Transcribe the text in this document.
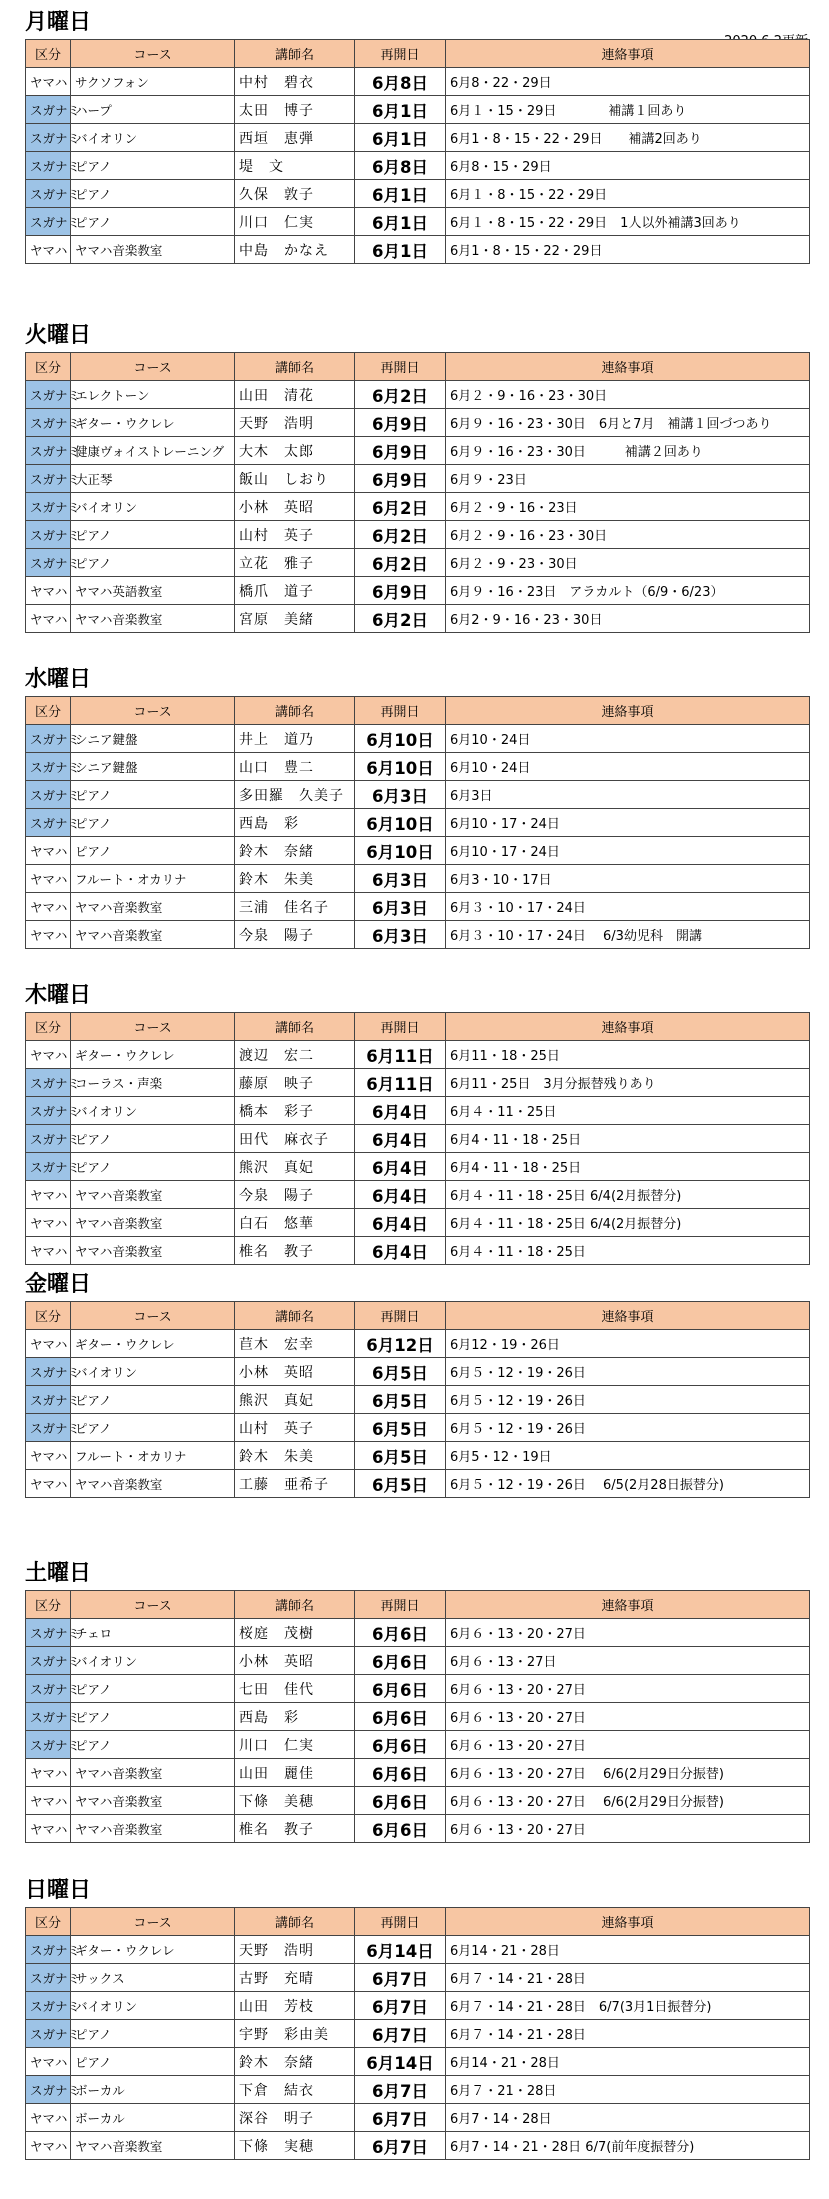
月曜日
区分	コース	講師名	再開日	連絡事項
ヤマハ	サクソフォン	中村　碧衣	6月8日	6月8・22・29日
スガナミ	ハープ	太田　博子	6月1日	6月１・15・29日　　　　補講１回あり
スガナミ	バイオリン	西垣　恵弾	6月1日	6月1・8・15・22・29日　　補講2回あり
スガナミ	ピアノ	堤　文	6月8日	6月8・15・29日
スガナミ	ピアノ	久保　敦子	6月1日	6月１・8・15・22・29日
スガナミ	ピアノ	川口　仁実	6月1日	6月１・8・15・22・29日　1人以外補講3回あり
ヤマハ	ヤマハ音楽教室	中島　かなえ	6月1日	6月1・8・15・22・29日
火曜日
区分	コース	講師名	再開日	連絡事項
スガナミ	エレクトーン	山田　清花	6月2日	6月２・9・16・23・30日
スガナミ	ギター・ウクレレ	天野　浩明	6月9日	6月９・16・23・30日　6月と7月　補講１回づつあり
スガナミ	健康ヴォイストレーニング	大木　太郎	6月9日	6月９・16・23・30日　　　補講２回あり
スガナミ	大正琴	飯山　しおり	6月9日	6月９・23日
スガナミ	バイオリン	小林　英昭	6月2日	6月２・9・16・23日
スガナミ	ピアノ	山村　英子	6月2日	6月２・9・16・23・30日
スガナミ	ピアノ	立花　雅子	6月2日	6月２・9・23・30日
ヤマハ	ヤマハ英語教室	橋爪　道子	6月9日	6月９・16・23日　アラカルト（6/9・6/23）
ヤマハ	ヤマハ音楽教室	宮原　美緒	6月2日	6月2・9・16・23・30日
水曜日
区分	コース	講師名	再開日	連絡事項
スガナミ	シニア鍵盤	井上　道乃	6月10日	6月10・24日
スガナミ	シニア鍵盤	山口　豊二	6月10日	6月10・24日
スガナミ	ピアノ	多田羅　久美子	6月3日	6月3日
スガナミ	ピアノ	西島　彩	6月10日	6月10・17・24日
ヤマハ	ピアノ	鈴木　奈緒	6月10日	6月10・17・24日
ヤマハ	フルート・オカリナ	鈴木　朱美	6月3日	6月3・10・17日
ヤマハ	ヤマハ音楽教室	三浦　佳名子	6月3日	6月３・10・17・24日
ヤマハ	ヤマハ音楽教室	今泉　陽子	6月3日	6月３・10・17・24日　 6/3幼児科　開講
木曜日
区分	コース	講師名	再開日	連絡事項
ヤマハ	ギター・ウクレレ	渡辺　宏二	6月11日	6月11・18・25日
スガナミ	コーラス・声楽	藤原　映子	6月11日	6月11・25日　3月分振替残りあり
スガナミ	バイオリン	橋本　彩子	6月4日	6月４・11・25日
スガナミ	ピアノ	田代　麻衣子	6月4日	6月4・11・18・25日
スガナミ	ピアノ	熊沢　真妃	6月4日	6月4・11・18・25日
ヤマハ	ヤマハ音楽教室	今泉　陽子	6月4日	6月４・11・18・25日 6/4(2月振替分)
ヤマハ	ヤマハ音楽教室	白石　悠華	6月4日	6月４・11・18・25日 6/4(2月振替分)
ヤマハ	ヤマハ音楽教室	椎名　教子	6月4日	6月４・11・18・25日
金曜日
区分	コース	講師名	再開日	連絡事項
ヤマハ	ギター・ウクレレ	苣木　宏幸	6月12日	6月12・19・26日
スガナミ	バイオリン	小林　英昭	6月5日	6月５・12・19・26日
スガナミ	ピアノ	熊沢　真妃	6月5日	6月５・12・19・26日
スガナミ	ピアノ	山村　英子	6月5日	6月５・12・19・26日
ヤマハ	フルート・オカリナ	鈴木　朱美	6月5日	6月5・12・19日
ヤマハ	ヤマハ音楽教室	工藤　亜希子	6月5日	6月５・12・19・26日　 6/5(2月28日振替分)
土曜日
区分	コース	講師名	再開日	連絡事項
スガナミ	チェロ	桜庭　茂樹	6月6日	6月６・13・20・27日
スガナミ	バイオリン	小林　英昭	6月6日	6月６・13・27日
スガナミ	ピアノ	七田　佳代	6月6日	6月６・13・20・27日
スガナミ	ピアノ	西島　彩	6月6日	6月６・13・20・27日
スガナミ	ピアノ	川口　仁実	6月6日	6月６・13・20・27日
ヤマハ	ヤマハ音楽教室	山田　麗佳	6月6日	6月６・13・20・27日　 6/6(2月29日分振替)
ヤマハ	ヤマハ音楽教室	下條　美穂	6月6日	6月６・13・20・27日　 6/6(2月29日分振替)
ヤマハ	ヤマハ音楽教室	椎名　教子	6月6日	6月６・13・20・27日
日曜日
区分	コース	講師名	再開日	連絡事項
スガナミ	ギター・ウクレレ	天野　浩明	6月14日	6月14・21・28日
スガナミ	サックス	古野　充晴	6月7日	6月７・14・21・28日
スガナミ	バイオリン	山田　芳枝	6月7日	6月７・14・21・28日　6/7(3月1日振替分)
スガナミ	ピアノ	宇野　彩由美	6月7日	6月７・14・21・28日
ヤマハ	ピアノ	鈴木　奈緒	6月14日	6月14・21・28日
スガナミ	ボーカル	下倉　結衣	6月7日	6月７・21・28日
ヤマハ	ボーカル	深谷　明子	6月7日	6月7・14・28日
ヤマハ	ヤマハ音楽教室	下條　実穂	6月7日	6月7・14・21・28日 6/7(前年度振替分)
